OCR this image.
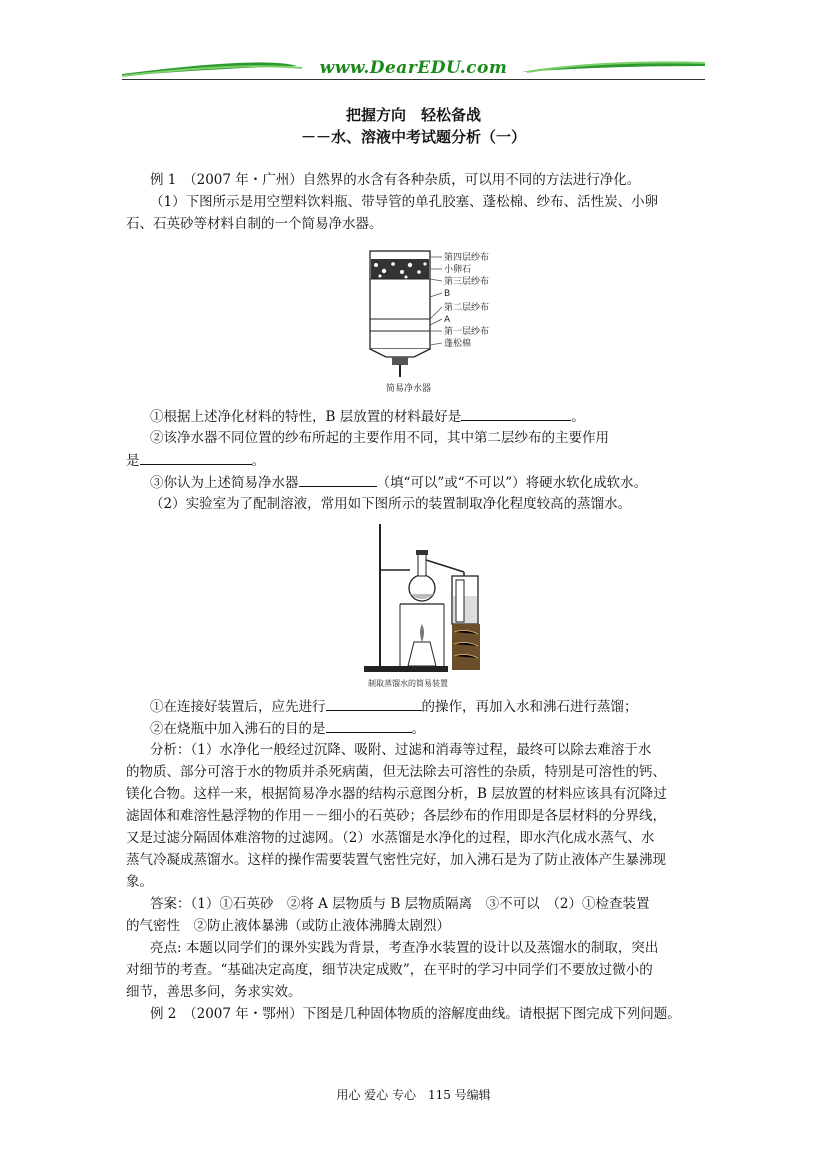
www.DearEDU.com
把握方向　轻松备战
－－水、溶液中考试题分析（一）
例 1　（2007 年・广州）自然界的水含有各种杂质，可以用不同的方法进行净化。
（1）下图所示是用空塑料饮料瓶、带导管的单孔胶塞、蓬松棉、纱布、活性炭、小卵
石、石英砂等材料自制的一个简易净水器。
第四层纱布
小卵石
第三层纱布
B
第二层纱布
A
第一层纱布
蓬松棉
简易净水器
①根据上述净化材料的特性，B 层放置的材料最好是	。
②该净水器不同位置的纱布所起的主要作用不同，其中第二层纱布的主要作用
是	。
③你认为上述简易净水器	（填“可以”或“不可以”）将硬水软化成软水。
（2）实验室为了配制溶液，常用如下图所示的装置制取净化程度较高的蒸馏水。
制取蒸馏水的简易装置
①在连接好装置后，应先进行	的操作，再加入水和沸石进行蒸馏；
②在烧瓶中加入沸石的目的是	。
分析：（1）水净化一般经过沉降、吸附、过滤和消毒等过程，最终可以除去难溶于水
的物质、部分可溶于水的物质并杀死病菌，但无法除去可溶性的杂质，特别是可溶性的钙、
镁化合物。这样一来，根据简易净水器的结构示意图分析，B 层放置的材料应该具有沉降过
滤固体和难溶性悬浮物的作用－－细小的石英砂；各层纱布的作用即是各层材料的分界线，
又是过滤分隔固体难溶物的过滤网。（2）水蒸馏是水净化的过程，即水汽化成水蒸气、水
蒸气冷凝成蒸馏水。这样的操作需要装置气密性完好，加入沸石是为了防止液体产生暴沸现
象。
答案：（1）①石英砂　②将 A 层物质与 B 层物质隔离　③不可以　（2）①检查装置
的气密性　②防止液体暴沸（或防止液体沸腾太剧烈）
亮点: 本题以同学们的课外实践为背景，考查净水装置的设计以及蒸馏水的制取，突出
对细节的考查。“基础决定高度，细节决定成败”，在平时的学习中同学们不要放过微小的
细节，善思多问，务求实效。
例 2　（2007 年・鄂州）下图是几种固体物质的溶解度曲线。请根据下图完成下列问题。
用心 爱心 专心　115 号编辑
